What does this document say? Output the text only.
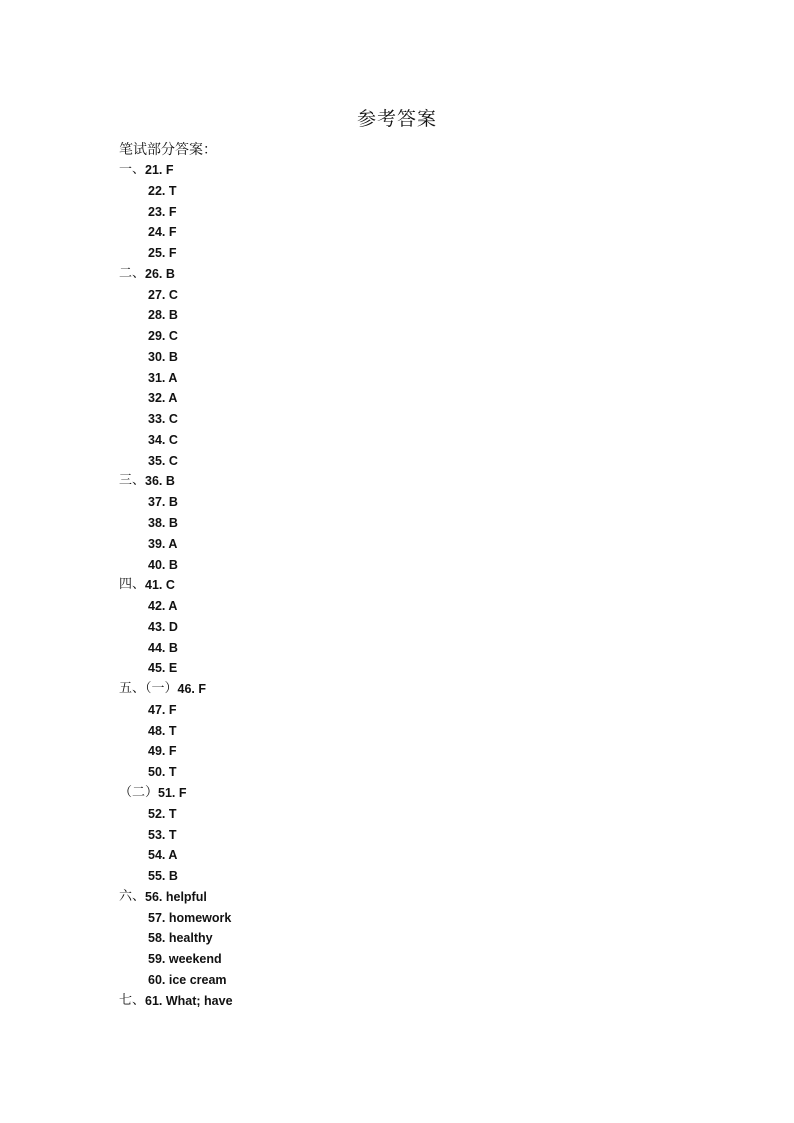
参考答案
笔试部分答案：
一、 21. F
22. T
23. F
24. F
25. F
二、 26. B
27. C
28. B
29. C
30. B
31. A
32. A
33. C
34. C
35. C
三、 36. B
37. B
38. B
39. A
40. B
四、 41. C
42. A
43. D
44. B
45. E
五、（一） 46. F
47. F
48. T
49. F
50. T
（二） 51. F
52. T
53. T
54. A
55. B
六、 56. helpful
57. homework
58. healthy
59. weekend
60. ice cream
七、 61. What; have
